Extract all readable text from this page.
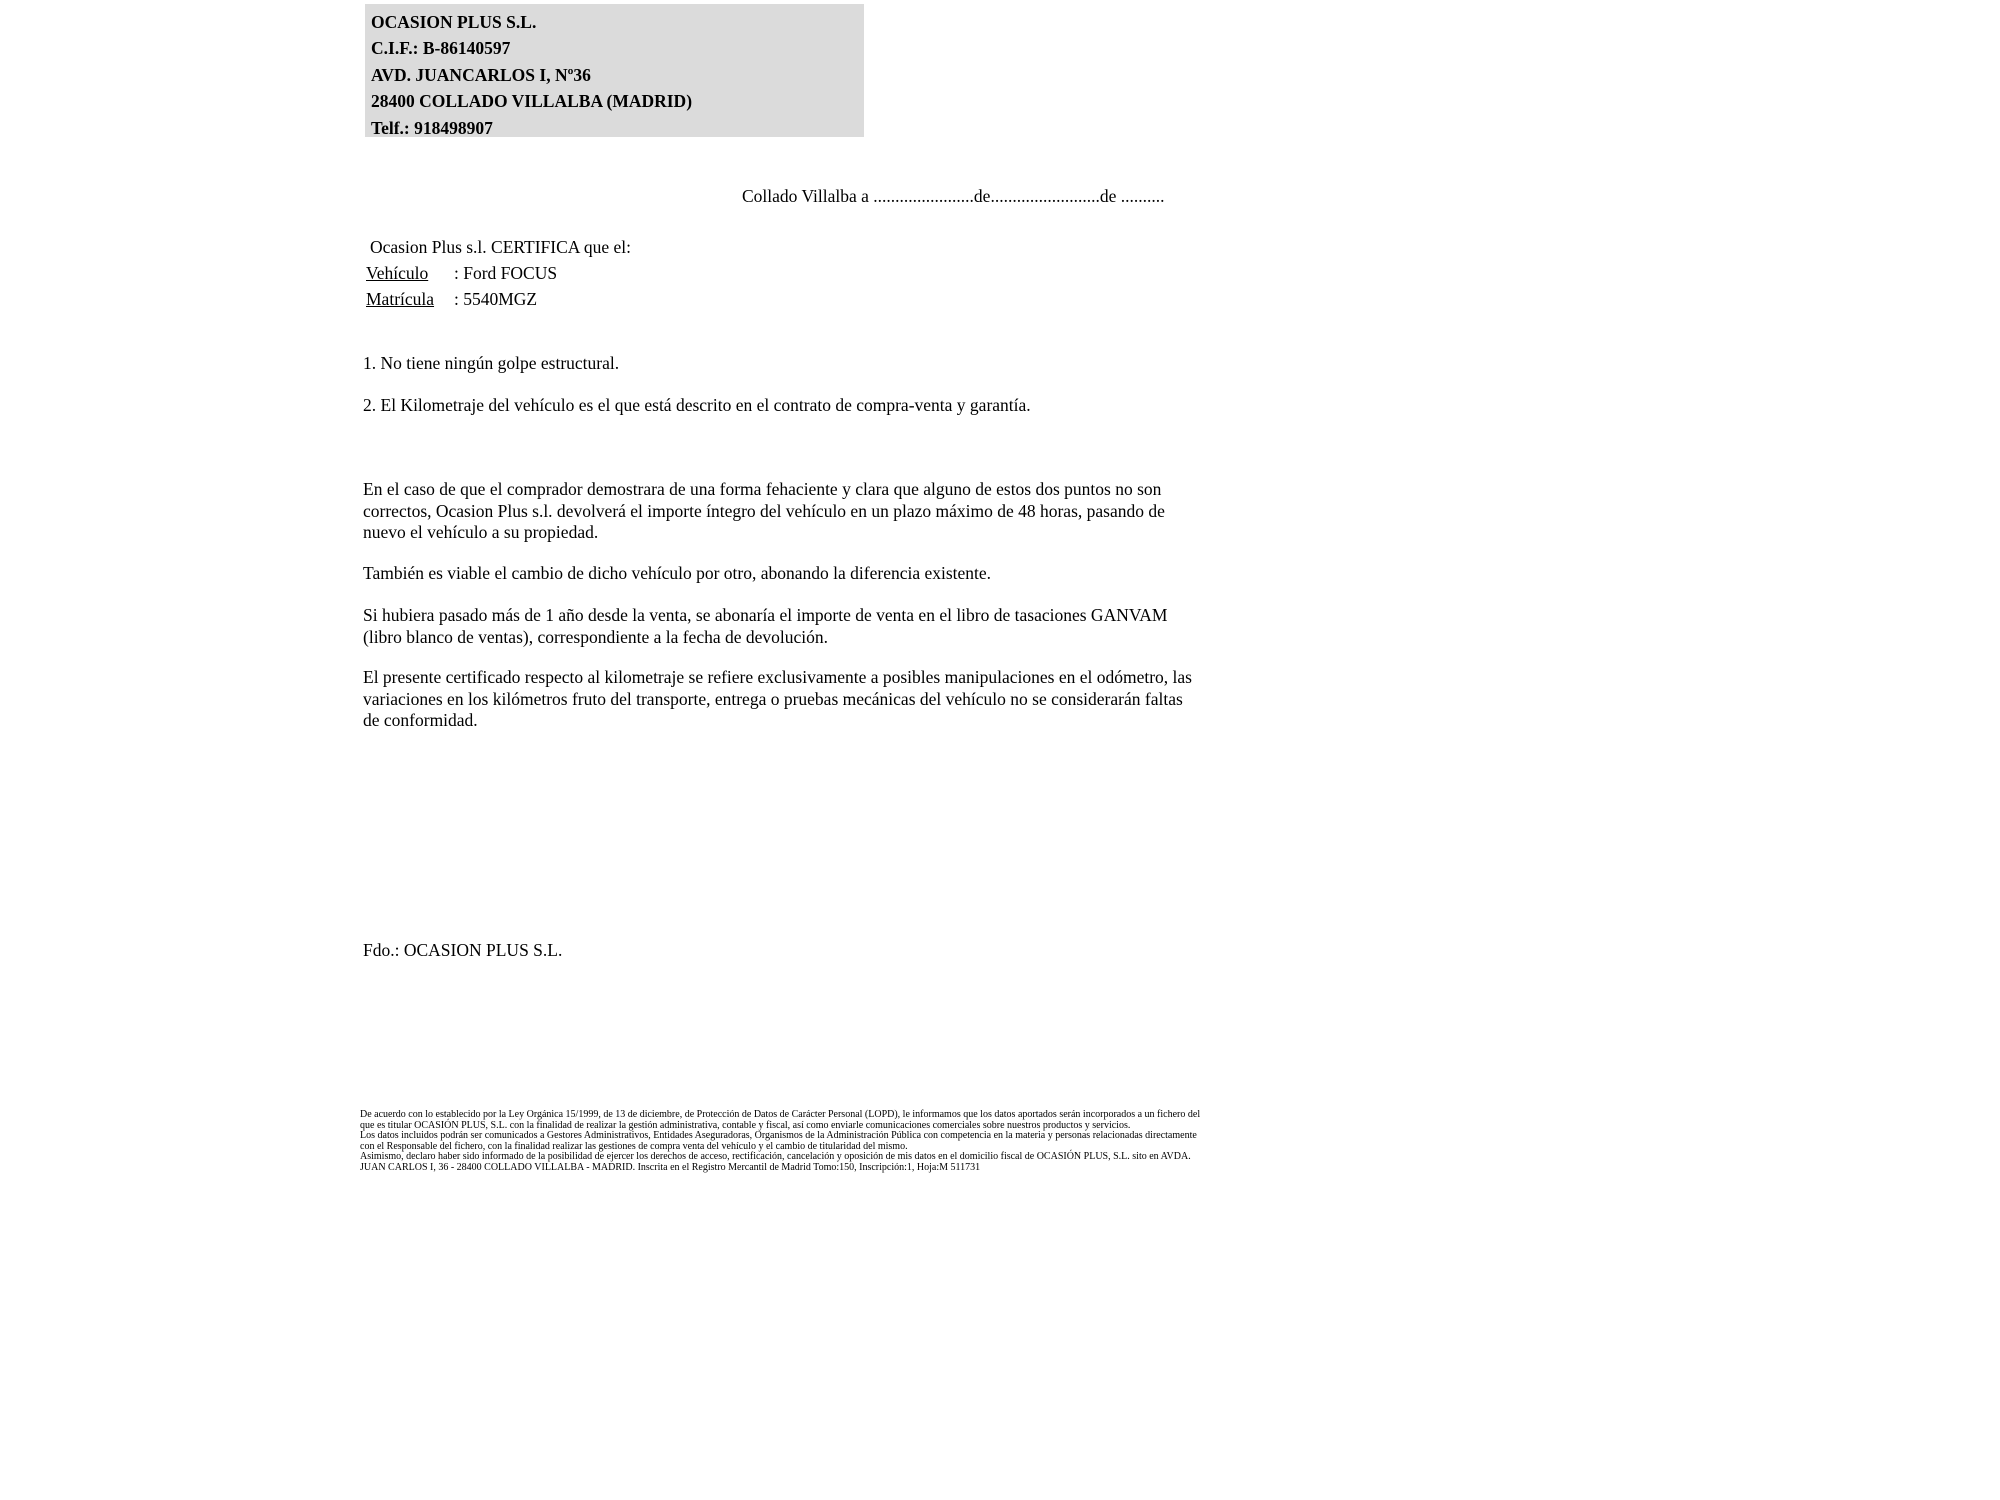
OCASION PLUS S.L.
C.I.F.: B-86140597
AVD. JUANCARLOS I, Nº36
28400 COLLADO VILLALBA (MADRID)
Telf.: 918498907
Collado Villalba a .......................de.........................de ..........
Ocasion Plus s.l. CERTIFICA que el:
Vehículo : Ford FOCUS
Matrícula : 5540MGZ
1. No tiene ningún golpe estructural.
2. El Kilometraje del vehículo es el que está descrito en el contrato de compra-venta y garantía.
En el caso de que el comprador demostrara de una forma fehaciente y clara que alguno de estos dos puntos no son correctos, Ocasion Plus s.l. devolverá el importe íntegro del vehículo en un plazo máximo de 48 horas, pasando de nuevo el vehículo a su propiedad.
También es viable el cambio de dicho vehículo por otro, abonando la diferencia existente.
Si hubiera pasado más de 1 año desde la venta, se abonaría el importe de venta en el libro de tasaciones GANVAM (libro blanco de ventas), correspondiente a la fecha de devolución.
El presente certificado respecto al kilometraje se refiere exclusivamente a posibles manipulaciones en el odómetro, las variaciones en los kilómetros fruto del transporte, entrega o pruebas mecánicas del vehículo no se considerarán faltas de conformidad.
Fdo.: OCASION PLUS S.L.
De acuerdo con lo establecido por la Ley Orgánica 15/1999, de 13 de diciembre, de Protección de Datos de Carácter Personal (LOPD), le informamos que los datos aportados serán incorporados a un fichero del que es titular OCASIÓN PLUS, S.L. con la finalidad de realizar la gestión administrativa, contable y fiscal, así como enviarle comunicaciones comerciales sobre nuestros productos y servicios.
Los datos incluidos podrán ser comunicados a Gestores Administrativos, Entidades Aseguradoras, Organismos de la Administración Pública con competencia en la materia y personas relacionadas directamente con el Responsable del fichero, con la finalidad realizar las gestiones de compra venta del vehículo y el cambio de titularidad del mismo.
Asimismo, declaro haber sido informado de la posibilidad de ejercer los derechos de acceso, rectificación, cancelación y oposición de mis datos en el domicilio fiscal de OCASIÓN PLUS, S.L. sito en AVDA. JUAN CARLOS I, 36 - 28400 COLLADO VILLALBA - MADRID. Inscrita en el Registro Mercantil de Madrid Tomo:150, Inscripción:1, Hoja:M 511731
